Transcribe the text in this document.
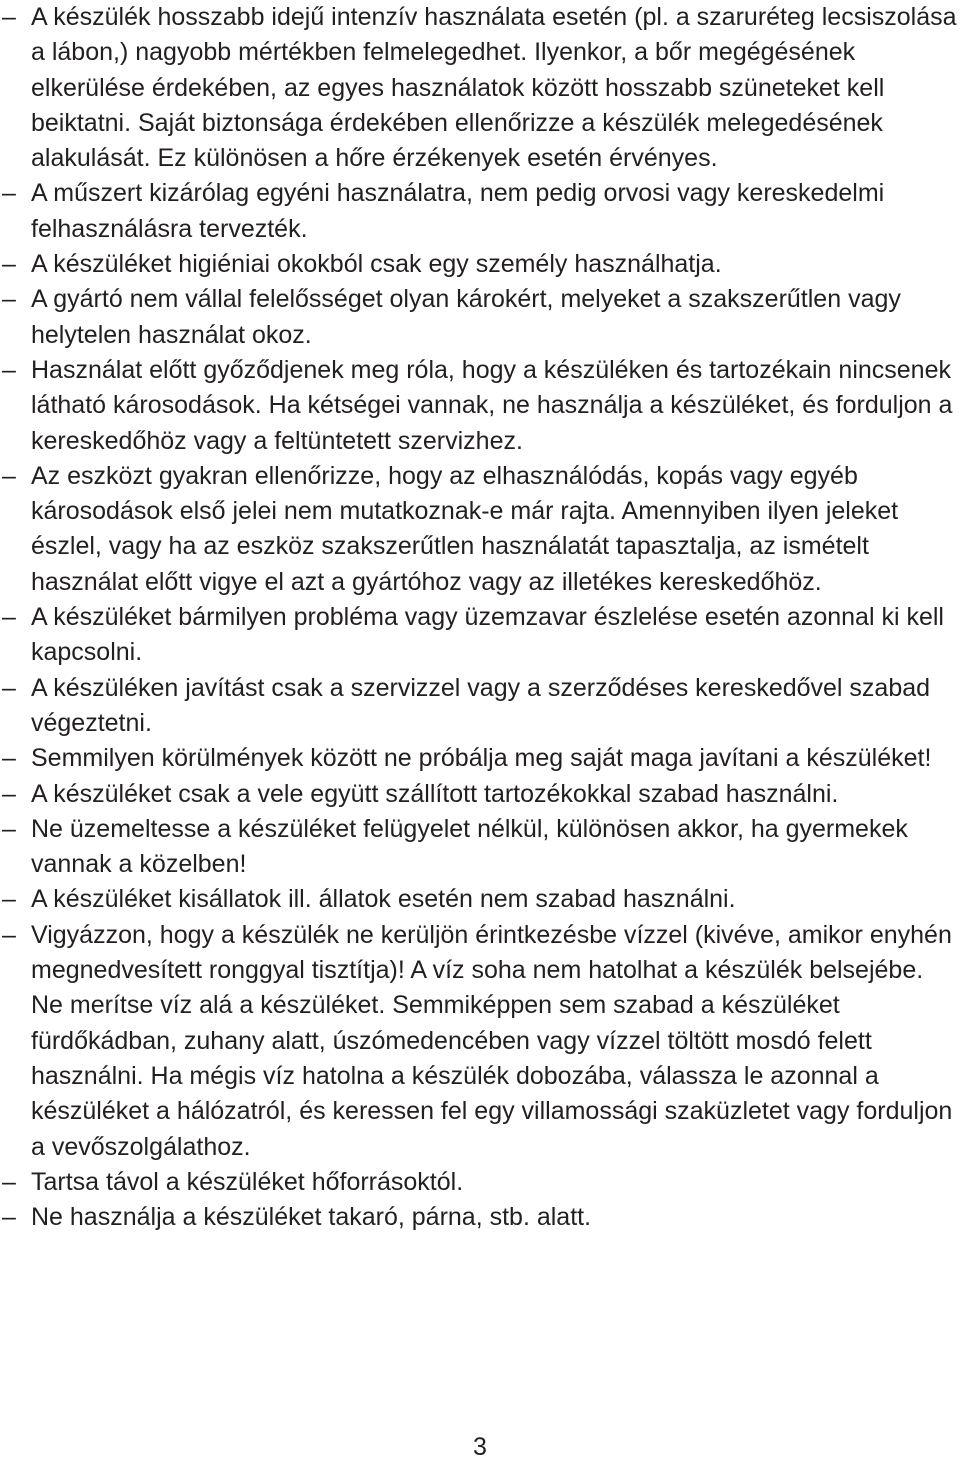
– A készülék hosszabb idejű intenzív használata esetén (pl. a szaruréteg lecsiszolása a lábon,) nagyobb mértékben felmelegedhet. Ilyenkor, a bőr megégésének elkerülése érdekében, az egyes használatok között hosszabb szüneteket kell beiktatni. Saját biztonsága érdekében ellenőrizze a készülék melegedésének alakulását. Ez különösen a hőre érzékenyek esetén érvényes.
– A műszert kizárólag egyéni használatra, nem pedig orvosi vagy kereskedelmi felhasználásra tervezték.
– A készüléket higiéniai okokból csak egy személy használhatja.
– A gyártó nem vállal felelősséget olyan károkért, melyeket a szakszerűtlen vagy helytelen használat okoz.
– Használat előtt győződjenek meg róla, hogy a készüléken és tartozékain nincsenek látható károsodások. Ha kétségei vannak, ne használja a készüléket, és forduljon a kereskedőhöz vagy a feltüntetett szervizhez.
– Az eszközt gyakran ellenőrizze, hogy az elhasználódás, kopás vagy egyéb károsodások első jelei nem mutatkoznak-e már rajta. Amennyiben ilyen jeleket észlel, vagy ha az eszköz szakszerűtlen használatát tapasztalja, az ismételt használat előtt vigye el azt a gyártóhoz vagy az illetékes kereskedőhöz.
– A készüléket bármilyen probléma vagy üzemzavar észlelése esetén azonnal ki kell kapcsolni.
– A készüléken javítást csak a szervizzel vagy a szerződéses kereskedővel szabad végeztetni.
– Semmilyen körülmények között ne próbálja meg saját maga javítani a készüléket!
– A készüléket csak a vele együtt szállított tartozékokkal szabad használni.
– Ne üzemeltesse a készüléket felügyelet nélkül, különösen akkor, ha gyermekek vannak a közelben!
– A készüléket kisállatok ill. állatok esetén nem szabad használni.
– Vigyázzon, hogy a készülék ne kerüljön érintkezésbe vízzel (kivéve, amikor enyhén megnedvesített ronggyal tisztítja)! A víz soha nem hatolhat a készülék belsejébe. Ne merítse víz alá a készüléket. Semmiképpen sem szabad a készüléket fürdőkádban, zuhany alatt, úszómedencében vagy vízzel töltött mosdó felett használni. Ha mégis víz hatolna a készülék dobozába, válassza le azonnal a készüléket a hálózatról, és keressen fel egy villamossági szaküzletet vagy forduljon a vevőszolgálathoz.
– Tartsa távol a készüléket hőforrásoktól.
– Ne használja a készüléket takaró, párna, stb. alatt.
3
